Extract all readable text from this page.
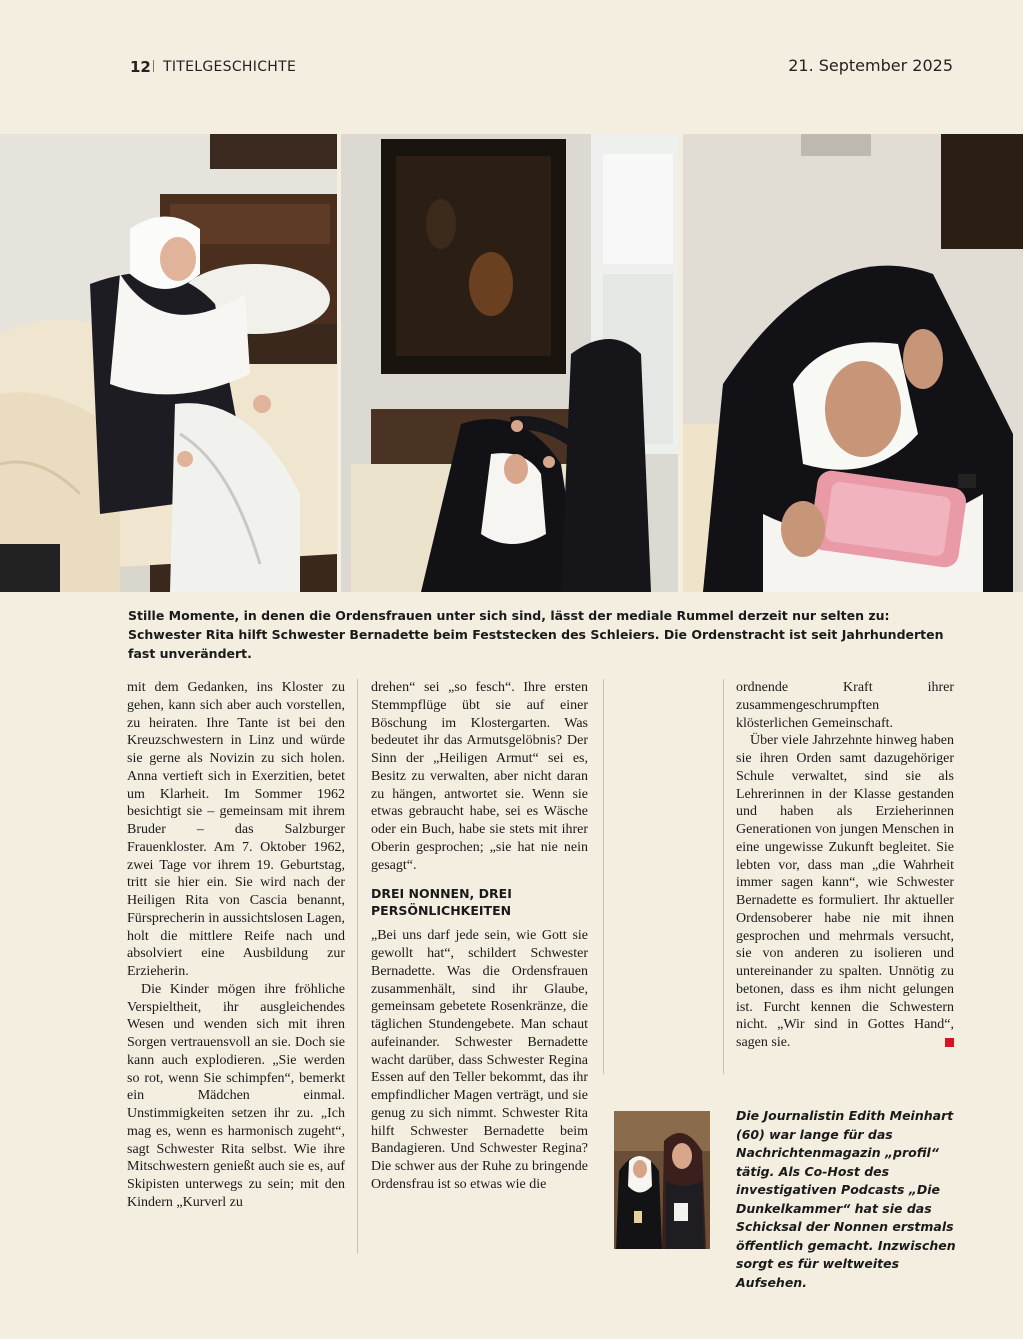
12 TITELGESCHICHTE	21. September 2025
Stille Momente, in denen die Ordensfrauen unter sich sind, lässt der mediale Rummel derzeit nur selten zu: Schwester Rita hilft Schwester Bernadette beim Feststecken des Schleiers. Die Ordenstracht ist seit Jahrhunderten fast unverändert.

mit dem Gedanken, ins Kloster zu gehen, kann sich aber auch vorstellen, zu heiraten. Ihre Tante ist bei den Kreuzschwestern in Linz und würde sie gerne als Novizin zu sich holen. Anna vertieft sich in Exerzitien, betet um Klarheit. Im Sommer 1962 besichtigt sie – gemeinsam mit ihrem Bruder – das Salzburger Frauenkloster. Am 7. Oktober 1962, zwei Tage vor ihrem 19. Geburtstag, tritt sie hier ein. Sie wird nach der Heiligen Rita von Cascia benannt, Fürsprecherin in aussichtslosen Lagen, holt die mittlere Reife nach und absolviert eine Ausbildung zur Erzieherin.

Die Kinder mögen ihre fröhliche Verspieltheit, ihr ausgleichendes Wesen und wenden sich mit ihren Sorgen vertrauensvoll an sie. Doch sie kann auch explodieren. „Sie werden so rot, wenn Sie schimpfen“, bemerkt ein Mädchen einmal. Unstimmigkeiten setzen ihr zu. „Ich mag es, wenn es harmonisch zugeht“, sagt Schwester Rita selbst. Wie ihre Mitschwestern genießt auch sie es, auf Skipisten unterwegs zu sein; mit den Kindern „Kurverl zu

drehen“ sei „so fesch“. Ihre ersten Stemmpflüge übt sie auf einer Böschung im Klostergarten. Was bedeutet ihr das Armutsgelöbnis? Der Sinn der „Heiligen Armut“ sei es, Besitz zu verwalten, aber nicht daran zu hängen, antwortet sie. Wenn sie etwas gebraucht habe, sei es Wäsche oder ein Buch, habe sie stets mit ihrer Oberin gesprochen; „sie hat nie nein gesagt“.

DREI NONNEN, DREI PERSÖNLICHKEITEN

„Bei uns darf jede sein, wie Gott sie gewollt hat“, schildert Schwester Bernadette. Was die Ordensfrauen zusammenhält, sind ihr Glaube, gemeinsam gebetete Rosenkränze, die täglichen Stundengebete. Man schaut aufeinander. Schwester Bernadette wacht darüber, dass Schwester Regina Essen auf den Teller bekommt, das ihr empfindlicher Magen verträgt, und sie genug zu sich nimmt. Schwester Rita hilft Schwester Bernadette beim Bandagieren. Und Schwester Regina? Die schwer aus der Ruhe zu bringende Ordensfrau ist so etwas wie die

ordnende Kraft ihrer zusammengeschrumpften klösterlichen Gemeinschaft.

Über viele Jahrzehnte hinweg haben sie ihren Orden samt dazugehöriger Schule verwaltet, sind sie als Lehrerinnen in der Klasse gestanden und haben als Erzieherinnen Generationen von jungen Menschen in eine ungewisse Zukunft begleitet. Sie lebten vor, dass man „die Wahrheit immer sagen kann“, wie Schwester Bernadette es formuliert. Ihr aktueller Ordensoberer habe nie mit ihnen gesprochen und mehrmals versucht, sie von anderen zu isolieren und untereinander zu spalten. Unnötig zu betonen, dass es ihm nicht gelungen ist. Furcht kennen die Schwestern nicht. „Wir sind in Gottes Hand“, sagen sie.

Die Journalistin Edith Meinhart (60) war lange für das Nachrichtenmagazin „profil“ tätig. Als Co-Host des investigativen Podcasts „Die Dunkelkammer“ hat sie das Schicksal der Nonnen erstmals öffentlich gemacht. Inzwischen sorgt es für weltweites Aufsehen.
